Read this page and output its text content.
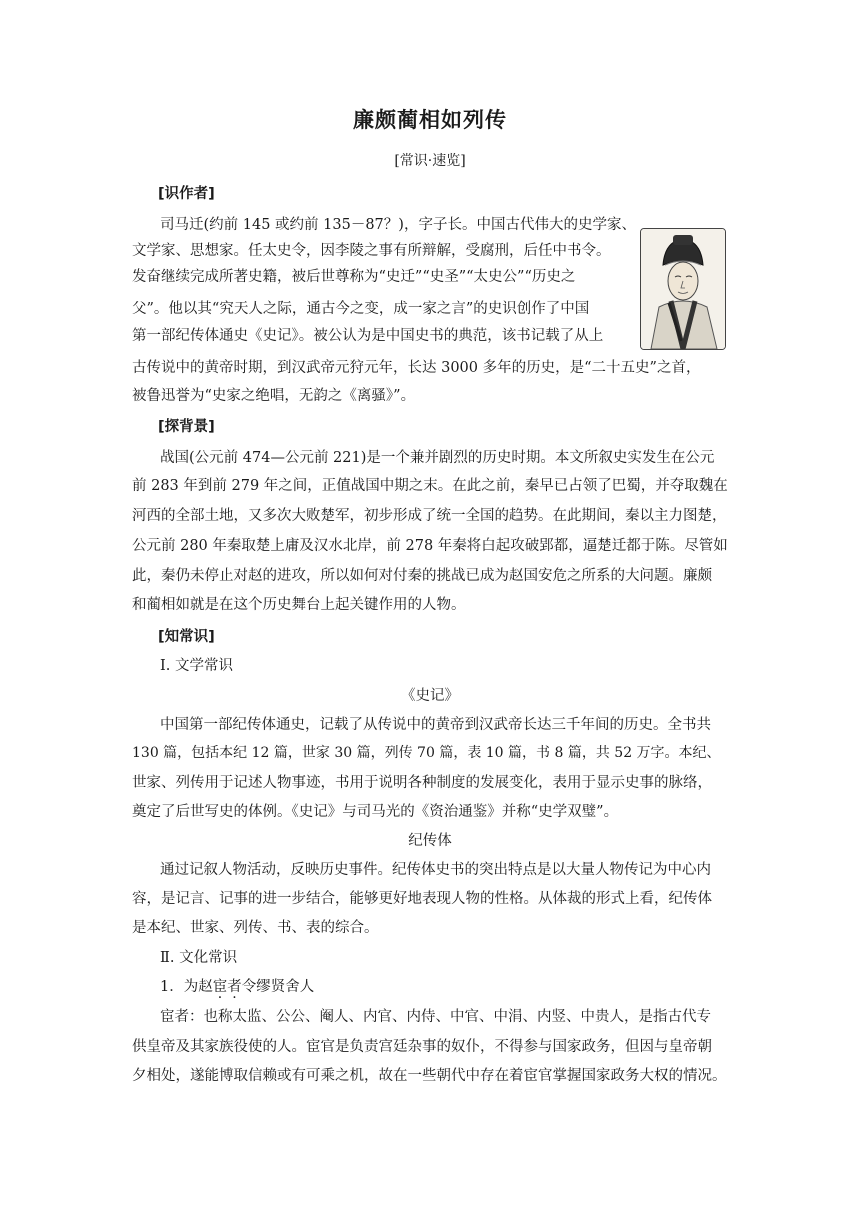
廉颇蔺相如列传
[常识·速览]
[识作者]
司马迁(约前 145 或约前 135－87？)，字子长。中国古代伟大的史学家、
文学家、思想家。任太史令，因李陵之事有所辩解，受腐刑，后任中书令。
发奋继续完成所著史籍，被后世尊称为“史迁”“史圣”“太史公”“历史之
父”。他以其“究天人之际，通古今之变，成一家之言”的史识创作了中国
第一部纪传体通史《史记》。被公认为是中国史书的典范，该书记载了从上
古传说中的黄帝时期，到汉武帝元狩元年，长达 3000 多年的历史，是“二十五史”之首，
被鲁迅誉为“史家之绝唱，无韵之《离骚》”。
[探背景]
战国(公元前 474—公元前 221)是一个兼并剧烈的历史时期。本文所叙史实发生在公元
前 283 年到前 279 年之间，正值战国中期之末。在此之前，秦早已占领了巴蜀，并夺取魏在
河西的全部土地，又多次大败楚军，初步形成了统一全国的趋势。在此期间，秦以主力图楚，
公元前 280 年秦取楚上庸及汉水北岸，前 278 年秦将白起攻破郢都，逼楚迁都于陈。尽管如
此，秦仍未停止对赵的进攻，所以如何对付秦的挑战已成为赵国安危之所系的大问题。廉颇
和蔺相如就是在这个历史舞台上起关键作用的人物。
[知常识]
Ⅰ. 文学常识
《史记》
中国第一部纪传体通史，记载了从传说中的黄帝到汉武帝长达三千年间的历史。全书共
130 篇，包括本纪 12 篇，世家 30 篇，列传 70 篇，表 10 篇，书 8 篇，共 52 万字。本纪、
世家、列传用于记述人物事迹，书用于说明各种制度的发展变化，表用于显示史事的脉络，
奠定了后世写史的体例。《史记》与司马光的《资治通鉴》并称“史学双璧”。
纪传体
通过记叙人物活动，反映历史事件。纪传体史书的突出特点是以大量人物传记为中心内
容，是记言、记事的进一步结合，能够更好地表现人物的性格。从体裁的形式上看，纪传体
是本纪、世家、列传、书、表的综合。
Ⅱ. 文化常识
1．为赵宦者令缪贤舍人
宦者：也称太监、公公、阉人、内官、内侍、中官、中涓、内竖、中贵人，是指古代专
供皇帝及其家族役使的人。宦官是负责宫廷杂事的奴仆，不得参与国家政务，但因与皇帝朝
夕相处，遂能博取信赖或有可乘之机，故在一些朝代中存在着宦官掌握国家政务大权的情况。
